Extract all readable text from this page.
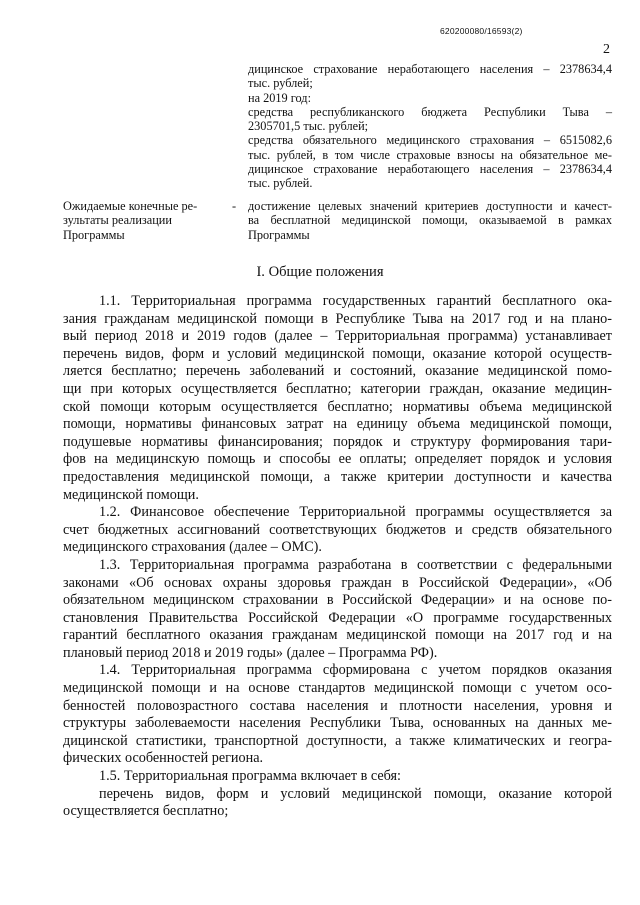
620200080/16593(2)
2
дицинское страхование неработающего населения – 2378634,4
тыс. рублей;
на 2019 год:
средства республиканского бюджета Республики Тыва –
2305701,5 тыс. рублей;
средства обязательного медицинского страхования – 6515082,6
тыс. рублей, в том числе страховые взносы на обязательное ме-
дицинское страхование неработающего населения – 2378634,4
тыс. рублей.
Ожидаемые конечные ре-
зультаты реализации
Программы
- достижение целевых значений критериев доступности и качест-
ва бесплатной медицинской помощи, оказываемой в рамках
Программы
I. Общие положения
1.1. Территориальная программа государственных гарантий бесплатного ока-
зания гражданам медицинской помощи в Республике Тыва на 2017 год и на плано-
вый период 2018 и 2019 годов (далее – Территориальная программа) устанавливает
перечень видов, форм и условий медицинской помощи, оказание которой осуществ-
ляется бесплатно; перечень заболеваний и состояний, оказание медицинской помо-
щи при которых осуществляется бесплатно; категории граждан, оказание медицин-
ской помощи которым осуществляется бесплатно; нормативы объема медицинской
помощи, нормативы финансовых затрат на единицу объема медицинской помощи,
подушевые нормативы финансирования; порядок и структуру формирования тари-
фов на медицинскую помощь и способы ее оплаты; определяет порядок и условия
предоставления медицинской помощи, а также критерии доступности и качества
медицинской помощи.
1.2. Финансовое обеспечение Территориальной программы осуществляется за
счет бюджетных ассигнований соответствующих бюджетов и средств обязательного
медицинского страхования (далее – ОМС).
1.3. Территориальная программа разработана в соответствии с федеральными
законами «Об основах охраны здоровья граждан в Российской Федерации», «Об
обязательном медицинском страховании в Российской Федерации» и на основе по-
становления Правительства Российской Федерации «О программе государственных
гарантий бесплатного оказания гражданам медицинской помощи на 2017 год и на
плановый период 2018 и 2019 годы» (далее – Программа РФ).
1.4. Территориальная программа сформирована с учетом порядков оказания
медицинской помощи и на основе стандартов медицинской помощи с учетом осо-
бенностей половозрастного состава населения и плотности населения, уровня и
структуры заболеваемости населения Республики Тыва, основанных на данных ме-
дицинской статистики, транспортной доступности, а также климатических и геогра-
фических особенностей региона.
1.5. Территориальная программа включает в себя:
перечень видов, форм и условий медицинской помощи, оказание которой
осуществляется бесплатно;
